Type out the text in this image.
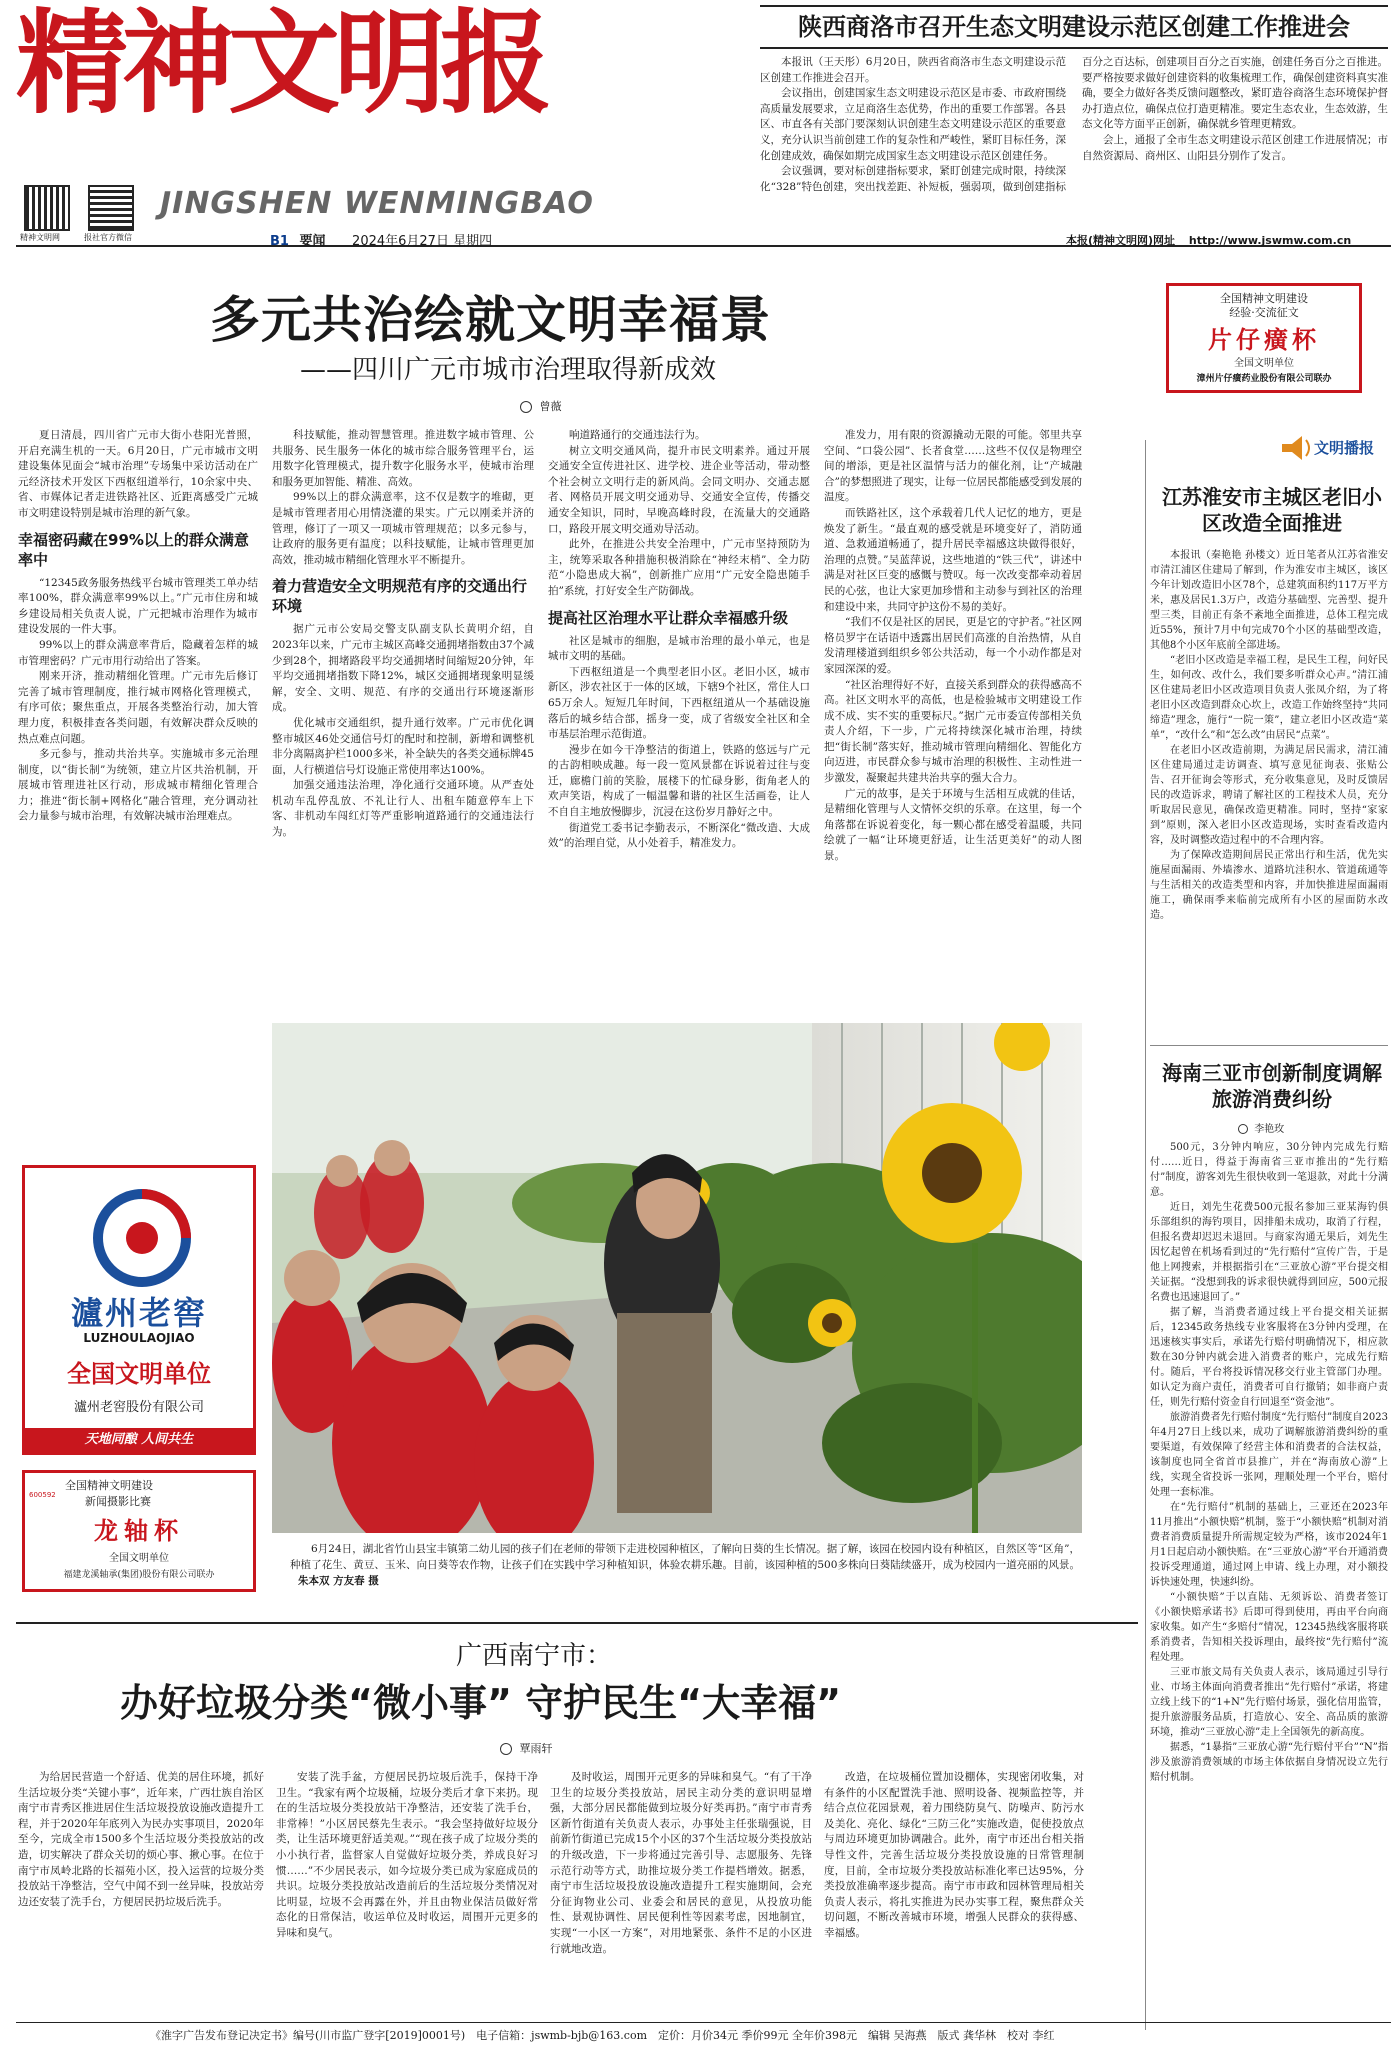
精神文明报
精神文明网	报社官方微信
JINGSHEN WENMINGBAO
B1 要闻 2024年6月27日 星期四	本报(精神文明网)网址 http://www.jswmw.com.cn
陕西商洛市召开生态文明建设示范区创建工作推进会

本报讯（王天彤）6月20日，陕西省商洛市生态文明建设示范区创建工作推进会召开。

会议指出，创建国家生态文明建设示范区是市委、市政府围绕高质量发展要求，立足商洛生态优势，作出的重要工作部署。各县区、市直各有关部门要深刻认识创建生态文明建设示范区的重要意义，充分认识当前创建工作的复杂性和严峻性，紧盯目标任务，深化创建成效，确保如期完成国家生态文明建设示范区创建任务。

会议强调，要对标创建指标要求，紧盯创建完成时限，持续深化“328”特色创建，突出找差距、补短板，强弱项，做到创建指标百分之百达标，创建项目百分之百实施，创建任务百分之百推进。要严格按要求做好创建资料的收集梳理工作，确保创建资料真实准确，要全力做好各类反馈问题整改，紧盯造谷商洛生态环境保护督办打造点位，确保点位打造更精准。要定生态农业，生态效游，生态文化等方面平正创新，确保就乡管理更精致。

会上，通报了全市生态文明建设示范区创建工作进展情况；市自然资源局、商州区、山阳县分别作了发言。

多元共治绘就文明幸福景
——四川广元市城市治理取得新成效
曾薇

夏日清晨，四川省广元市大街小巷阳光普照，开启充满生机的一天。6月20日，广元市城市文明建设集体见面会“城市治理”专场集中采访活动在广元经济技术开发区下西枢纽道举行，10余家中央、省、市媒体记者走进铁路社区、近距离感受广元城市文明建设特别是城市治理的新气象。

幸福密码藏在99%以上的群众满意率中

“12345政务服务热线平台城市管理类工单办结率100%，群众满意率99%以上。”广元市住房和城乡建设局相关负责人说，广元把城市治理作为城市建设发展的一件大事。

99%以上的群众满意率背后，隐藏着怎样的城市管理密码？广元市用行动给出了答案。

刚来开济，推动精细化管理。广元市先后修订完善了城市管理制度，推行城市网格化管理模式，有序可依；聚焦重点，开展各类整治行动，加大管理力度，积极排查各类问题，有效解决群众反映的热点难点问题。

多元参与，推动共治共享。实施城市多元治理制度，以“街长制”为统领，建立片区共治机制，开展城市管理进社区行动，形成城市精细化管理合力；推进“街长制+网格化”融合管理，充分调动社会力量参与城市治理，有效解决城市治理难点。

科技赋能，推动智慧管理。推进数字城市管理、公共服务、民生服务一体化的城市综合服务管理平台，运用数字化管理模式，提升数字化服务水平，使城市治理和服务更加智能、精准、高效。

99%以上的群众满意率，这不仅是数字的堆砌，更是城市管理者用心用情浇灌的果实。广元以刚柔并济的管理，修订了一项又一项城市管理规范；以多元参与，让政府的服务更有温度；以科技赋能，让城市管理更加高效，推动城市精细化管理水平不断提升。

着力营造安全文明规范有序的交通出行环境

据广元市公安局交警支队副支队长黄明介绍，自2023年以来，广元市主城区高峰交通拥堵指数由37个减少到28个，拥堵路段平均交通拥堵时间缩短20分钟，年平均交通拥堵指数下降12%，城区交通拥堵现象明显缓解，安全、文明、规范、有序的交通出行环境逐渐形成。

优化城市交通组织，提升通行效率。广元市优化调整市城区46处交通信号灯的配时和控制，新增和调整机非分离隔离护栏1000多米，补全缺失的各类交通标牌45面，人行横道信号灯设施正常使用率达100%。

加强交通违法治理，净化通行交通环境。从严查处机动车乱停乱放、不礼让行人、出租车随意停车上下客、非机动车闯红灯等严重影响道路通行的交通违法行为。

响道路通行的交通违法行为。

树立文明交通风尚，提升市民文明素养。通过开展交通安全宣传进社区、进学校、进企业等活动，带动整个社会树立文明行走的新风尚。会同文明办、交通志愿者、网格员开展文明交通劝导、交通安全宣传，传播交通安全知识，同时，早晚高峰时段，在流量大的交通路口，路段开展文明交通劝导活动。

此外，在推进公共安全治理中，广元市坚持预防为主，统筹采取各种措施积极消除在“神经末梢”、全力防范“小隐患成大祸”，创新推广应用“广元安全隐患随手拍”系统，打好安全生产防御战。

提高社区治理水平让群众幸福感升级

社区是城市的细胞，是城市治理的最小单元，也是城市文明的基础。

下西枢纽道是一个典型老旧小区。老旧小区，城市新区，涉农社区于一体的区域，下辖9个社区，常住人口65万余人。短短几年时间，下西枢纽道从一个基础设施落后的城乡结合部，摇身一变，成了省级安全社区和全市基层治理示范街道。

漫步在如今干净整洁的街道上，铁路的悠远与广元的古韵相映成趣。每一段一览风景都在诉说着过往与变迁，廊檐门前的笑脸，展楼下的忙碌身影，街角老人的欢声笑语，构成了一幅温馨和谐的社区生活画卷，让人不自自主地放慢脚步，沉浸在这份岁月静好之中。

街道党工委书记李勤表示，不断深化“微改造、大成效”的治理自觉，从小处着手，精准发力。

准发力，用有限的资源撬动无限的可能。邻里共享空间、“口袋公园”、长者食堂……这些不仅仅是物理空间的增添，更是社区温情与活力的催化剂，让“产城融合”的梦想照进了现实，让每一位居民都能感受到发展的温度。

而铁路社区，这个承载着几代人记忆的地方，更是焕发了新生。“最直观的感受就是环境变好了，消防通道、急救通道畅通了，提升居民幸福感这块做得很好，治理的点赞。”吴蓝萍说，这些地道的“铁三代”，讲述中满是对社区巨变的感慨与赞叹。每一次改变都牵动着居民的心弦，也让大家更加珍惜和主动参与到社区的治理和建设中来，共同守护这份不易的美好。

“我们不仅是社区的居民，更是它的守护者。”社区网格员罗宇在话语中透露出居民们高涨的自治热情，从自发清理楼道到组织乡邻公共活动，每一个小动作都是对家园深深的爱。

“社区治理得好不好，直接关系到群众的获得感高不高。社区文明水平的高低，也是检验城市文明建设工作成不成、实不实的重要标尺。”据广元市委宣传部相关负责人介绍，下一步，广元将持续深化城市治理，持续把“街长制”落实好，推动城市管理向精细化、智能化方向迈进，市民群众参与城市治理的积极性、主动性进一步激发，凝聚起共建共治共享的强大合力。

广元的故事，是关于环境与生活相互成就的佳话，是精细化管理与人文情怀交织的乐章。在这里，每一个角落都在诉说着变化，每一颗心都在感受着温暖，共同绘就了一幅“让环境更舒适，让生活更美好”的动人图景。

6月24日，湖北省竹山县宝丰镇第二幼儿园的孩子们在老师的带领下走进校园种植区，了解向日葵的生长情况。据了解，该园在校园内设有种植区，自然区等“区角”，种植了花生、黄豆、玉米、向日葵等农作物，让孩子们在实践中学习种植知识，体验农耕乐趣。目前，该园种植的500多株向日葵陆续盛开，成为校园内一道亮丽的风景。 朱本双 方友春 摄
瀘州老窖
LUZHOULAOJIAO
全国文明单位
瀘州老窖股份有限公司
天地同酿 人间共生
600592
全国精神文明建设
新闻摄影比赛
龙轴杯
全国文明单位
福建龙溪轴承(集团)股份有限公司联办
全国精神文明建设
经验·交流征文
片仔癀杯
全国文明单位
漳州片仔癀药业股份有限公司联办
文明播报
江苏淮安市主城区老旧小区改造全面推进

本报讯（秦艳艳 孙楼文）近日笔者从江苏省淮安市清江浦区住建局了解到，作为淮安市主城区，该区今年计划改造旧小区78个，总建筑面积约117万平方米，惠及居民1.3万户，改造分基础型、完善型、提升型三类，目前正有条不紊地全面推进，总体工程完成近55%，预计7月中旬完成70个小区的基础型改造，其他8个小区年底前全部进场。

“老旧小区改造是幸福工程，是民生工程，问好民生，如何改、改什么，我们要多听群众心声。”清江浦区住建局老旧小区改造项目负责人张凤介绍，为了将老旧小区改造到群众心坎上，改造工作始终坚持“共同缔造”理念，施行“一院一策”，建立老旧小区改造“菜单”，“改什么”和“怎么改”由居民“点菜”。

在老旧小区改造前期，为满足居民需求，清江浦区住建局通过走访调查、填写意见征询表、张贴公告、召开征询会等形式，充分收集意见，及时反馈居民的改造诉求，聘请了解社区的工程技术人员，充分听取居民意见，确保改造更精准。同时，坚持“家家到”原则，深入老旧小区改造现场，实时查看改造内容，及时调整改造过程中的不合理内容。

为了保障改造期间居民正常出行和生活，优先实施屋面漏雨、外墙渗水、道路坑洼积水、管道疏通等与生活相关的改造类型和内容，并加快推进屋面漏雨施工，确保雨季来临前完成所有小区的屋面防水改造。

海南三亚市创新制度调解旅游消费纠纷
李艳玫

500元，3分钟内响应，30分钟内完成先行赔付……近日，得益于海南省三亚市推出的“先行赔付”制度，游客刘先生很快收到一笔退款，对此十分满意。

近日，刘先生花费500元报名参加三亚某海钓俱乐部组织的海钓项目，因排船未成功，取消了行程，但报名费却迟迟未退回。与商家沟通无果后，刘先生因忆起曾在机场看到过的“先行赔付”宣传广告，于是他上网搜索，并根据指引在“三亚放心游”平台提交相关证据。“没想到我的诉求很快就得到回应，500元报名费也迅速退回了。”

据了解，当消费者通过线上平台提交相关证据后，12345政务热线专业客服将在3分钟内受理，在迅速核实事实后，承诺先行赔付明确情况下，相应款数在30分钟内就会进入消费者的账户，完成先行赔付。随后，平台将投诉情况移交行业主管部门办理。如认定为商户责任，消费者可自行撤销；如非商户责任，则先行赔付资金自行回退至“资金池”。

旅游消费者先行赔付制度“先行赔付”制度自2023年4月27日上线以来，成功了调解旅游消费纠纷的重要渠道，有效保障了经营主体和消费者的合法权益，该制度也同全省首市县推广，并在“海南放心游”上线，实现全省投诉一张网，理顺处理一个平台，赔付处理一套标准。

在“先行赔付”机制的基础上，三亚还在2023年11月推出“小额快赔”机制，鉴于“小额快赔”机制对消费者消费质量提升所需规定较为严格，该市2024年1月1日起启动小额快赔。在“三亚放心游”平台开通消费投诉受理通道，通过网上申请、线上办理，对小额投诉快速处理，快速纠纷。

“小额快赔”于以直陆、无须诉讼、消费者签订《小额快赔承诺书》后即可得到使用，再由平台向商家收集。如产生“多赔付”情况，12345热线客服将联系消费者，告知相关投诉理由，最终按“先行赔付”流程处理。

三亚市旅文局有关负责人表示，该局通过引导行业、市场主体面向消费者推出“先行赔付”承诺，将建立线上线下的“1+N”先行赔付场景，强化信用监管，提升旅游服务品质，打造放心、安全、高品质的旅游环境，推动“三亚放心游”走上全国领先的新高度。

据悉，“1暴指”三亚放心游“先行赔付平台”“N”指涉及旅游消费领域的市场主体依据自身情况设立先行赔付机制。

广西南宁市：
办好垃圾分类“微小事” 守护民生“大幸福”
覃雨轩

为给居民营造一个舒适、优美的居住环境，抓好生活垃圾分类“关键小事”，近年来，广西壮族自治区南宁市青秀区推进居住生活垃圾投放设施改造提升工程，并于2020年年底列入为民办实事项目，2020年至今，完成全市1500多个生活垃圾分类投放站的改造，切实解决了群众关切的烦心事、揪心事。在位于南宁市凤岭北路的长福苑小区，投入运营的垃圾分类投放站干净整洁，空气中闻不到一丝异味，投放站旁边还安装了洗手台，方便居民扔垃圾后洗手。

安装了洗手盆，方便居民扔垃圾后洗手，保持干净卫生。“我家有两个垃圾桶，垃圾分类后才拿下来扔。现在的生活垃圾分类投放站干净整洁，还安装了洗手台，非常棒！”小区居民蔡先生表示。“我会坚持做好垃圾分类，让生活环境更舒适美观。”“现在孩子成了垃圾分类的小小执行者，监督家人自觉做好垃圾分类，养成良好习惯……”不少居民表示，如今垃圾分类已成为家庭成员的共识。垃圾分类投放站改造前后的生活垃圾分类情况对比明显，垃圾不会再露在外，并且由物业保洁员做好常态化的日常保洁，收运单位及时收运，周围开元更多的异味和臭气。

及时收运，周围开元更多的异味和臭气。“有了干净卫生的垃圾分类投放站，居民主动分类的意识明显增强，大部分居民都能做到垃圾分好类再扔。”南宁市青秀区新竹街道有关负责人表示，办事处主任张瑞强说，目前新竹街道已完成15个小区的37个生活垃圾分类投放站的升级改造，下一步将通过完善引导、志愿服务、先锋示范行动等方式，助推垃圾分类工作提档增效。据悉，南宁市生活垃圾投放设施改造提升工程实施期间，会充分征询物业公司、业委会和居民的意见，从投放功能性、景观协调性、居民便利性等因素考虑，因地制宜，实现“一小区一方案”，对用地紧张、条件不足的小区进行就地改造。

改造，在垃圾桶位置加设棚体，实现密闭收集，对有条件的小区配置洗手池、照明设备、视频监控等，并结合点位花园景观，着力围绕防臭气、防噪声、防污水及美化、亮化、绿化“三防三化”实施改造，促使投放点与周边环境更加协调融合。此外，南宁市还出台相关指导性文件，完善生活垃圾分类投放设施的日常管理制度，目前，全市垃圾分类投放站标准化率已达95%，分类投放准确率逐步提高。南宁市市政和园林管理局相关负责人表示，将扎实推进为民办实事工程，聚焦群众关切问题，不断改善城市环境，增强人民群众的获得感、幸福感。

《淮字广告发布登记决定书》编号(川市监广登字[2019]0001号)　电子信箱：jswmb-bjb@163.com　定价：月价34元 季价99元 全年价398元　编辑 吴海燕　版式 龚华林　校对 李红
